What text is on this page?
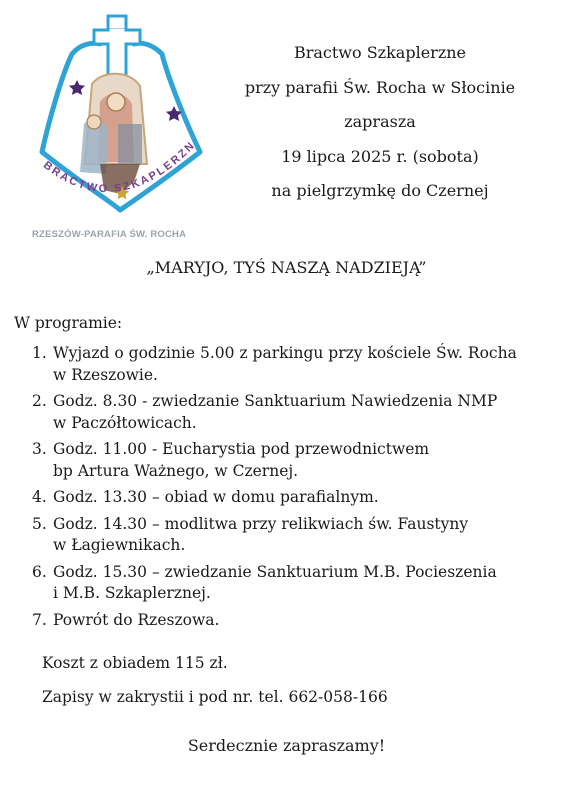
BRACTWO SZKAPLERZN
RZESZÓW-PARAFIA ŚW. ROCHA
Bractwo Szkaplerzne
przy parafii Św. Rocha w Słocinie
zaprasza
19 lipca 2025 r. (sobota)
na pielgrzymkę do Czernej
„MARYJO, TYŚ NASZĄ NADZIEJĄ”
W programie:
1. Wyjazd o godzinie 5.00 z parkingu przy kościele Św. Rocha
w Rzeszowie.
2. Godz. 8.30 - zwiedzanie Sanktuarium Nawiedzenia NMP
w Paczółtowicach.
3. Godz. 11.00 - Eucharystia pod przewodnictwem
bp Artura Ważnego, w Czernej.
4. Godz. 13.30 – obiad w domu parafialnym.
5. Godz. 14.30 – modlitwa przy relikwiach św. Faustyny
w Łagiewnikach.
6. Godz. 15.30 – zwiedzanie Sanktuarium M.B. Pocieszenia
i M.B. Szkaplerznej.
7. Powrót do Rzeszowa.
Koszt z obiadem 115 zł.
Zapisy w zakrystii i pod nr. tel. 662-058-166
Serdecznie zapraszamy!
